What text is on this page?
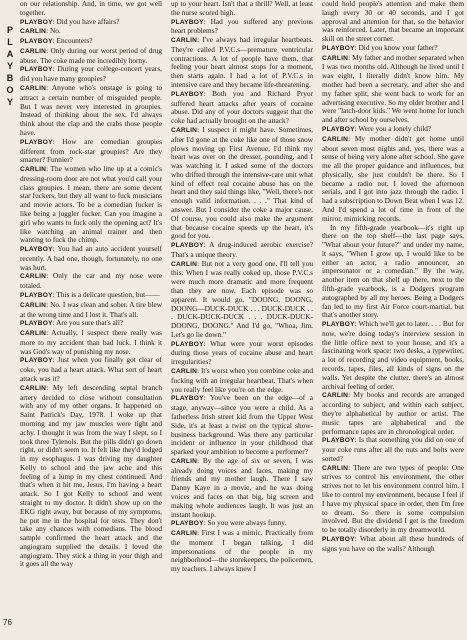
P
L
A
Y
B
O
Y

on our relationship. And, in time, we got well together.

PLAYBOY: Did you have affairs?

CARLIN: No.

PLAYBOY: Encounters?

CARLIN: Only during our worst period of drug abuse. The coke made me incredibly horny.

PLAYBOY: During your college-concert years, did you have many groupies?

CARLIN: Anyone who's onstage is going to attract a certain number of misguided people. But I was never very interested in groupies. Instead of thinking about the sex, I'd always think about the clap and the crabs those people have.

PLAYBOY: How are comedian groupies different from rock-star groupies? Are they smarter? Funnier?

CARLIN: The women who line up at a comic's dressing-room door are not what you'd call your class groupies. I mean, there are some decent star fuckers, but they all want to fuck musicians and movie actors. To be a comedian fucker is like being a juggler fucker. Can you imagine a girl who wants to fuck only the opening act? It's like watching an animal trainer and then wanting to fuck the chimp.

PLAYBOY: You had an auto accident yourself recently. A bad one, though, fortunately, no one was hurt.

CARLIN: Only the car and my nose were totaled.

PLAYBOY: This is a delicate question, but——

CARLIN: No. I was clean and sober. A tire blew at the wrong time and I lost it. That's all.

PLAYBOY: Are you sure that's all?

CARLIN: Actually, I suspect there really was more to my accident than bad luck. I think it was God's way of punishing my nose.

PLAYBOY: Just when you finally got clear of coke, you had a heart attack. What sort of heart attack was it?

CARLIN: My left descending septal branch artery decided to close without consultation with any of my other organs. It happened on Saint Patrick's Day, 1978. I woke up that morning and my jaw muscles were tight and achy. I thought it was from the way I slept, so I took three Tylenols. But the pills didn't go down right, or didn't seem to. It felt like they'd lodged in my esophagus. I was driving my daughter Kelly to school and the jaw ache and this feeling of a lump in my chest continued. And that's when it hit me, Jesus, I'm having a heart attack. So I got Kelly to school and went straight to my doctor. It didn't show up on the EKG right away, but because of my symptoms, he put me in the hospital for tests. They don't take any chances with comedians. The blood sample confirmed the heart attack and the angiogram supplied the details. I loved the angiogram. They stick a thing in your thigh and it goes all the way

up to your heart. Isn't that a thrill? Well, at least the nurse scored high.

PLAYBOY: Had you suffered any previous heart problems?

CARLIN: I've always had irregular heartbeats. They're called P.V.C.s—premature ventricular contractions. A lot of people have them, that feeling your heart almost stops for a moment, then starts again. I had a lot of P.V.C.s in intensive care and they became life-threatening.

PLAYBOY: Both you and Richard Pryor suffered heart attacks after years of cocaine abuse. Did any of your doctors suggest that the coke had actually brought on the attack?

CARLIN: I suspect it might have. Sometimes, after I'd gone at the coke like one of those snow plows moving up First Avenue, I'd think my heart was over on the dresser, pounding, and I was watching it. I asked some of the doctors who drifted through the intensive-care unit what kind of effect real cocaine abuse has on the heart and they said things like, "Well, there's not enough valid information. . . ." That kind of answer. But I consider the coke a major cause. Of course, you could also make the argument that because cocaine speeds up the heart, it's good for you.

PLAYBOY: A drug-induced aerobic exercise? That's a unique theory.

CARLIN: But not a very good one. I'll tell you this: When I was really coked up, those P.V.C.s were much more dramatic and more frequent than they are now. Each episode was so apparent. It would go, "DOONG, DOONG, DOONG—DUCK-DUCK . . . DUCK-DUCK . . . DUCK-DUCK-DUCK . . . DUCK-DUCK-DOONG, DOONG." And I'd go, "Whoa, Jim. Let's go lie down."

PLAYBOY: What were your worst episodes during those years of cocaine abuse and heart irregularities?

CARLIN: It's worst when you combine coke and fucking with an irregular heartbeat. That's when you really feel like you're on the edge.

PLAYBOY: You've been on the edge—of a stage, anyway—since you were a child. As a fatherless Irish street kid from the Upper West Side, it's at least a twist on the typical show-business background. Was there any particular incident or influence in your childhood that sparked your ambition to become a performer?

CARLIN: By the age of six or seven, I was already doing voices and faces, making my friends and my mother laugh. There I saw Danny Kaye in a movie, and he was doing voices and faces on that big, big screen and making whole audiences laugh. It was just an instant hookup.

PLAYBOY: So you were always funny.

CARLIN: First I was a mimic. Practically from the moment I began talking, I did impersonations of the people in my neighborhood—the storekeepers, the policemen, my teachers. I always knew I

could hold people's attention and make them laugh every 30 or 40 seconds, and I got approval and attention for that, so the behavior was reinforced. Later, that became an important skill on the street corner.

PLAYBOY: Did you know your father?

CARLIN: My father and mother separated when I was two months old. Although he lived until I was eight, I literally didn't know him. My mother had been a secretary, and after she and my father split, she went back to work for an advertising executive. So my older brother and I were "latch-door kids." We went home for lunch and after school by ourselves.

PLAYBOY: Were you a lonely child?

CARLIN: My mother didn't get home until about seven most nights and, yes, there was a sense of being very alone after school. She gave me all the proper guidance and influences, but physically, she just couldn't be there. So I became a radio nut. I loved the afternoon serials, and I got into jazz through the radio. I had a subscription to Down Beat when I was 12. And I'd spend a lot of time in front of the mirror, mimicking records.

In my fifth-grade yearbook—it's right up there on the top shelf—the last page says, "What about your future?" and under my name, it says, "When I grow up, I would like to be either an actor, a radio announcer, an impersonator or a comedian." By the way, another item on that shelf up there, next to the fifth-grade yearbook, is a Dodgers program autographed by all my heroes. Being a Dodgers fan led to my first Air Force court-martial, but that's another story.

PLAYBOY: Which we'll get to later. . . . But for now, we're doing today's interview session in the little office next to your house, and it's a fascinating work space: two desks, a typewriter, a lot of recording and video equipment, books, records, tapes, files, all kinds of signs on the walls. Yet despite the clutter, there's an almost archival feeling of order.

CARLIN: My books and records are arranged according to subject, and within each subject, they're alphabetical by author or artist. The music tapes are alphabetical and the performance tapes are in chronological order.

PLAYBOY: Is that something you did on one of your coke runs after all the nuts and bolts were sorted?

CARLIN: There are two types of people: One strives to control his environment, the other strives not to let his environment control him. I like to control my environment, because I feel if I have my physical space in order, then I'm free to dream. So there is some compulsion involved. But the dividend I get is the freedom to be totally disorderly in my dreamworld.

PLAYBOY: What about all these hundreds of signs you have on the walls? Although

76
